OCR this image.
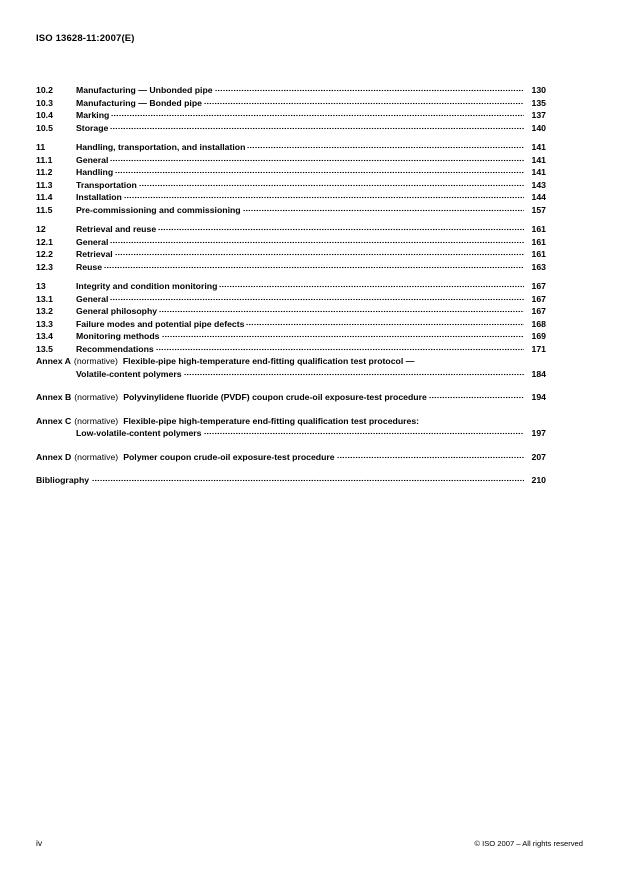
ISO 13628-11:2007(E)
10.2	Manufacturing — Unbonded pipe	130
10.3	Manufacturing — Bonded pipe	135
10.4	Marking	137
10.5	Storage	140
11	Handling, transportation, and installation	141
11.1	General	141
11.2	Handling	141
11.3	Transportation	143
11.4	Installation	144
11.5	Pre-commissioning and commissioning	157
12	Retrieval and reuse	161
12.1	General	161
12.2	Retrieval	161
12.3	Reuse	163
13	Integrity and condition monitoring	167
13.1	General	167
13.2	General philosophy	167
13.3	Failure modes and potential pipe defects	168
13.4	Monitoring methods	169
13.5	Recommendations	171
Annex A (normative) Flexible-pipe high-temperature end-fitting qualification test protocol —
Volatile-content polymers	184
Annex B (normative) Polyvinylidene fluoride (PVDF) coupon crude-oil exposure-test procedure	194
Annex C (normative) Flexible-pipe high-temperature end-fitting qualification test procedures:
Low-volatile-content polymers	197
Annex D (normative) Polymer coupon crude-oil exposure-test procedure	207
Bibliography	210
iv	© ISO 2007 – All rights reserved
